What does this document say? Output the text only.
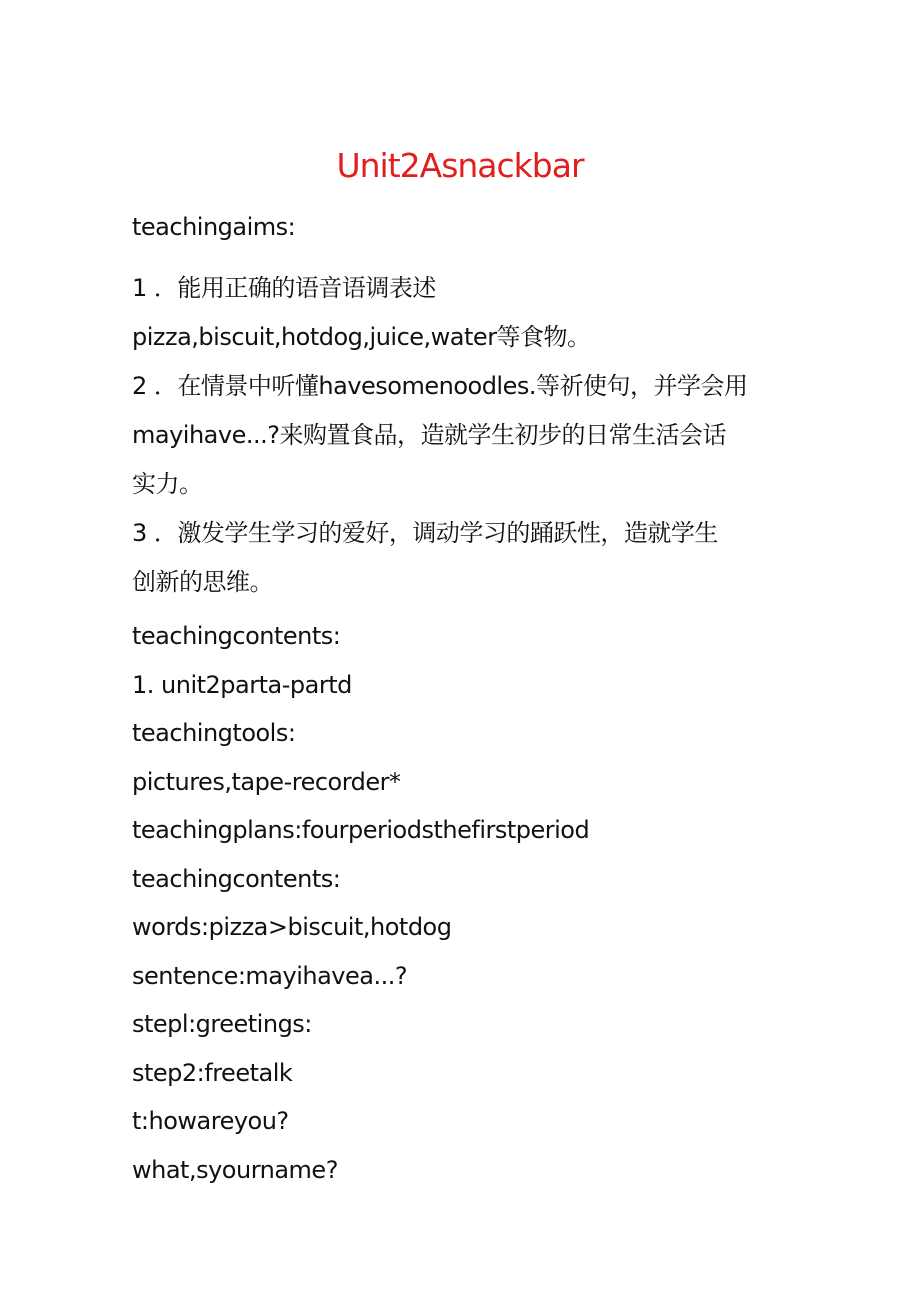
Unit2Asnackbar
teachingaims:
1 ．能用正确的语音语调表述
pizza,biscuit,hotdog,juice,water等食物。
2 ．在情景中听懂havesomenoodles.等祈使句，并学会用
mayihave...?来购置食品，造就学生初步的日常生活会话
实力。
3 ．激发学生学习的爱好，调动学习的踊跃性，造就学生
创新的思维。
teachingcontents:
1. unit2parta-partd
teachingtools:
pictures,tape-recorder*
teachingplans:fourperiodsthefirstperiod
teachingcontents:
words:pizza>biscuit,hotdog
sentence:mayihavea...?
stepl:greetings:
step2:freetalk
t:howareyou?
what,syourname?
